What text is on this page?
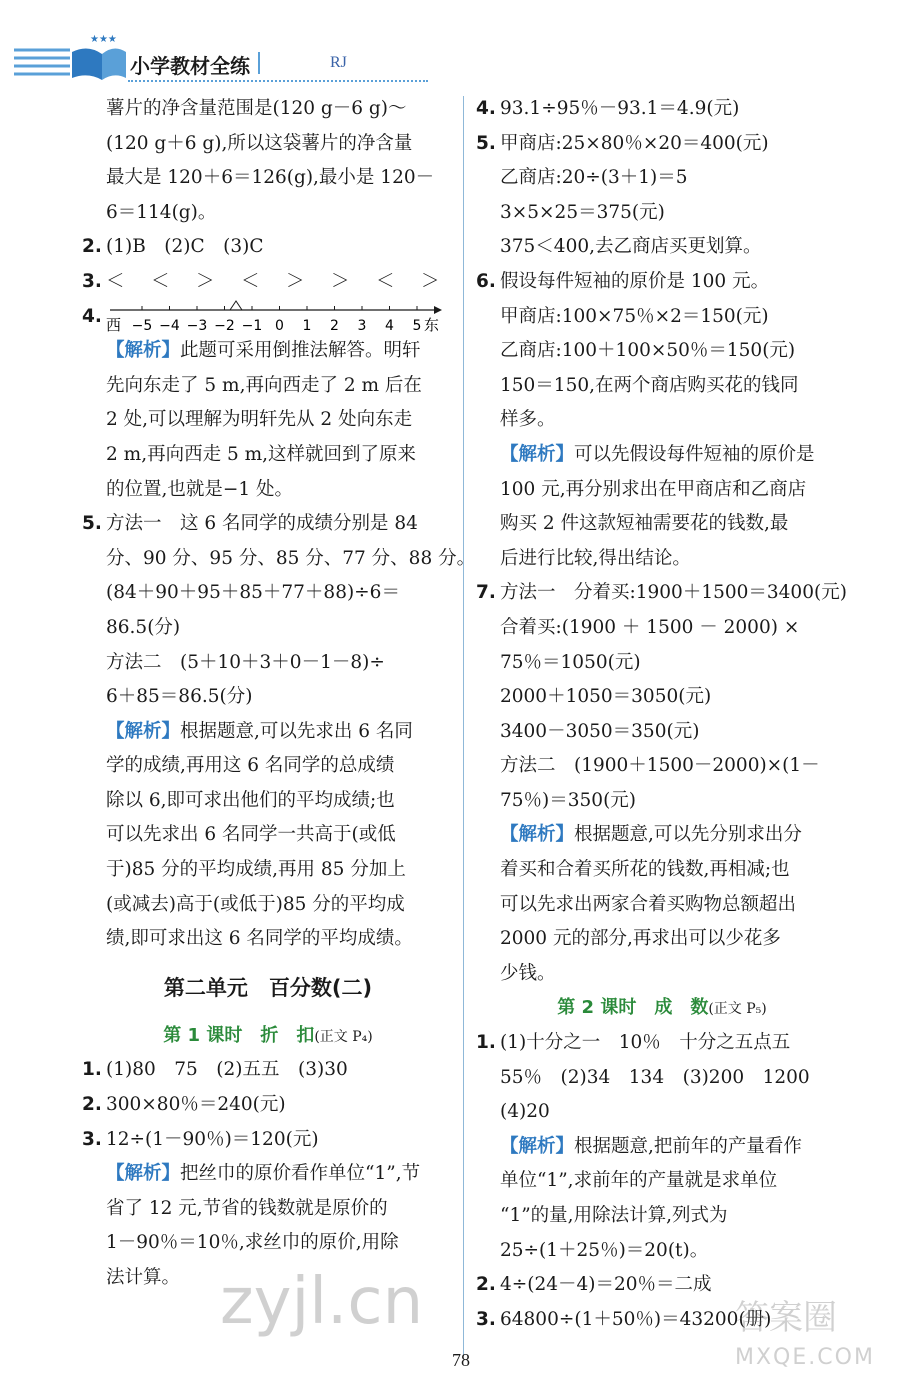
★★★
小学教材全练	RJ
薯片的净含量范围是(120 g－6 g)～
(120 g＋6 g),所以这袋薯片的净含量
最大是 120＋6＝126(g),最小是 120－
6＝114(g)。
2. (1)B　(2)C　(3)C
3. ＜　＜　＞　＜　＞　＞　＜　＞
4. −5 −4 −3 −2 −1 0 1 2 3 4 5
西	东
【解析】此题可采用倒推法解答。明轩
先向东走了 5 m,再向西走了 2 m 后在
2 处,可以理解为明轩先从 2 处向东走
2 m,再向西走 5 m,这样就回到了原来
的位置,也就是−1 处。
5. 方法一　这 6 名同学的成绩分别是 84
分、90 分、95 分、85 分、77 分、88 分。
(84＋90＋95＋85＋77＋88)÷6＝
86.5(分)
方法二　(5＋10＋3＋0－1－8)÷
6＋85＝86.5(分)
【解析】根据题意,可以先求出 6 名同
学的成绩,再用这 6 名同学的总成绩
除以 6,即可求出他们的平均成绩;也
可以先求出 6 名同学一共高于(或低
于)85 分的平均成绩,再用 85 分加上
(或减去)高于(或低于)85 分的平均成
绩,即可求出这 6 名同学的平均成绩。
第二单元　百分数(二)
第 1 课时　折　扣(正文 P₄)
1. (1)80　75　(2)五五　(3)30
2. 300×80％＝240(元)
3. 12÷(1－90％)＝120(元)
【解析】把丝巾的原价看作单位“1”,节
省了 12 元,节省的钱数就是原价的
1－90％＝10％,求丝巾的原价,用除
法计算。
4. 93.1÷95％－93.1＝4.9(元)
5. 甲商店:25×80％×20＝400(元)
乙商店:20÷(3＋1)＝5
3×5×25＝375(元)
375＜400,去乙商店买更划算。
6. 假设每件短袖的原价是 100 元。
甲商店:100×75％×2＝150(元)
乙商店:100＋100×50％＝150(元)
150＝150,在两个商店购买花的钱同
样多。
【解析】可以先假设每件短袖的原价是
100 元,再分别求出在甲商店和乙商店
购买 2 件这款短袖需要花的钱数,最
后进行比较,得出结论。
7. 方法一　分着买:1900＋1500＝3400(元)
合着买:(1900 ＋ 1500 － 2000) ×
75％＝1050(元)
2000＋1050＝3050(元)
3400－3050＝350(元)
方法二　(1900＋1500－2000)×(1－
75％)＝350(元)
【解析】根据题意,可以先分别求出分
着买和合着买所花的钱数,再相减;也
可以先求出两家合着买购物总额超出
2000 元的部分,再求出可以少花多
少钱。
第 2 课时　成　数(正文 P₅)
1. (1)十分之一　10％　十分之五点五
55％　(2)34　134　(3)200　1200
(4)20
【解析】根据题意,把前年的产量看作
单位“1”,求前年的产量就是求单位
“1”的量,用除法计算,列式为
25÷(1＋25％)＝20(t)。
2. 4÷(24－4)＝20％＝二成
3. 64800÷(1＋50％)＝43200(册)
78
zyjl.cn	答案圈
MXQE.COM
